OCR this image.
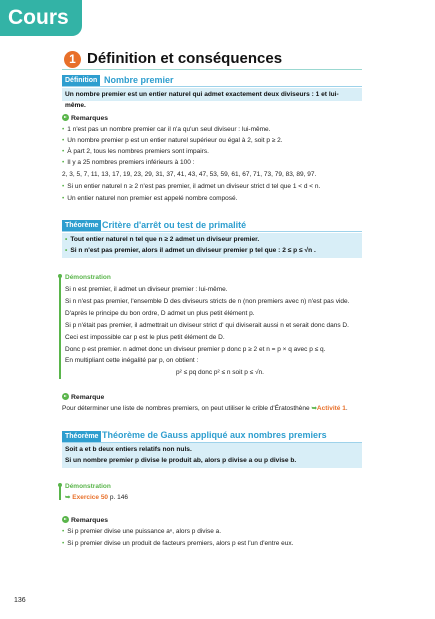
Cours
1 Définition et conséquences
Définition Nombre premier
Un nombre premier est un entier naturel qui admet exactement deux diviseurs : 1 et lui-même.
Remarques
• 1 n'est pas un nombre premier car il n'a qu'un seul diviseur : lui-même.
• Un nombre premier p est un entier naturel supérieur ou égal à 2, soit p ≥ 2.
• À part 2, tous les nombres premiers sont impairs.
• Il y a 25 nombres premiers inférieurs à 100 :
2, 3, 5, 7, 11, 13, 17, 19, 23, 29, 31, 37, 41, 43, 47, 53, 59, 61, 67, 71, 73, 79, 83, 89, 97.
• Si un entier naturel n ≥ 2 n'est pas premier, il admet un diviseur strict d tel que 1 < d < n.
• Un entier naturel non premier est appelé nombre composé.
Théorème Critère d'arrêt ou test de primalité
• Tout entier naturel n tel que n ≥ 2 admet un diviseur premier.
• Si n n'est pas premier, alors il admet un diviseur premier p tel que : 2 ≤ p ≤ √n .
Démonstration
Si n est premier, il admet un diviseur premier : lui-même.
Si n n'est pas premier, l'ensemble D des diviseurs stricts de n (non premiers avec n) n'est pas vide.
D'après le principe du bon ordre, D admet un plus petit élément p.
Si p n'était pas premier, il admettrait un diviseur strict d' qui diviserait aussi n et serait donc dans D.
Ceci est impossible car p est le plus petit élément de D.
Donc p est premier. n admet donc un diviseur premier p donc p ≥ 2 et n = p × q avec p ≤ q.
En multipliant cette inégalité par p, on obtient :
p² ≤ pq donc p² ≤ n soit p ≤ √n.
Remarque
Pour déterminer une liste de nombres premiers, on peut utiliser le crible d'Ératosthène ➥Activité 1.
Théorème Théorème de Gauss appliqué aux nombres premiers
Soit a et b deux entiers relatifs non nuls.
Si un nombre premier p divise le produit ab, alors p divise a ou p divise b.
Démonstration
➥ Exercice 50 p. 146
Remarques
• Si p premier divise une puissance aⁿ, alors p divise a.
• Si p premier divise un produit de facteurs premiers, alors p est l'un d'entre eux.
136
